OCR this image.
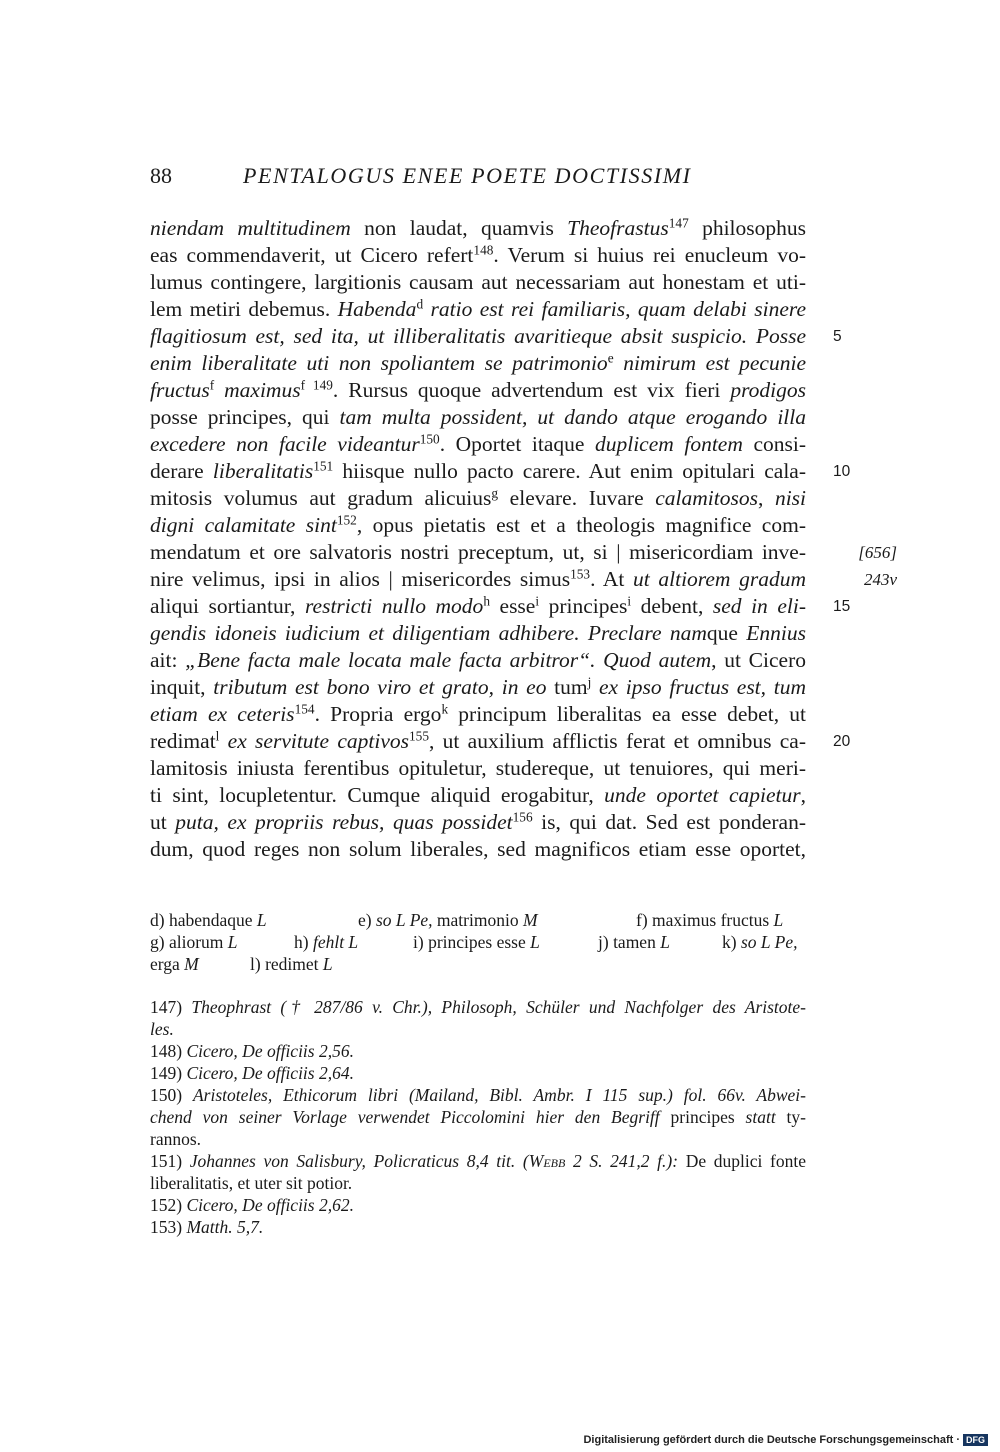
88	PENTALOGUS ENEE POETE DOCTISSIMI
niendam multitudinem non laudat, quamvis Theofrastus$^{147}$ philosophus
eas commendaverit, ut Cicero refert$^{148}$. Verum si huius rei enucleum vo-
lumus contingere, largitionis causam aut necessariam aut honestam et uti-
lem metiri debemus. Habenda$^d$ ratio est rei familiaris, quam delabi sinere
flagitiosum est, sed ita, ut illiberalitatis avaritieque absit suspicio. Posse
enim liberalitate uti non spoliantem se patrimonio$^e$ nimirum est pecunie
fructus$^f$ maximus$^{f 149}$. Rursus quoque advertendum est vix fieri prodigos
posse principes, qui tam multa possident, ut dando atque erogando illa
excedere non facile videantur$^{150}$. Oportet itaque duplicem fontem consi-
derare liberalitatis$^{151}$ hiisque nullo pacto carere. Aut enim opitulari cala-
mitosis volumus aut gradum alicuius$^g$ elevare. Iuvare calamitosos, nisi
digni calamitate sint$^{152}$, opus pietatis est et a theologis magnifice com-
mendatum et ore salvatoris nostri preceptum, ut, si | misericordiam inve-
nire velimus, ipsi in alios | misericordes simus$^{153}$. At ut altiorem gradum
aliqui sortiantur, restricti nullo modo$^h$ esse$^i$ principes$^i$ debent, sed in eli-
gendis idoneis iudicium et diligentiam adhibere. Preclare namque Ennius
ait: „Bene facta male locata male facta arbitror“. Quod autem, ut Cicero
inquit, tributum est bono viro et grato, in eo tum$^j$ ex ipso fructus est, tum
etiam ex ceteris$^{154}$. Propria ergo$^k$ principum liberalitas ea esse debet, ut
redimat$^l$ ex servitute captivos$^{155}$, ut auxilium afflictis ferat et omnibus ca-
lamitosis iniusta ferentibus opituletur, studereque, ut tenuiores, qui meri-
ti sint, locupletentur. Cumque aliquid erogabitur, unde oportet capietur,
ut puta, ex propriis rebus, quas possidet$^{156}$ is, qui dat. Sed est ponderan-
dum, quod reges non solum liberales, sed magnificos etiam esse oportet,
5
10
15
20
[656]
243v
d) habendaque L	e) so L Pe, matrimonio M	f) maximus fructus L
g) aliorum L	h) fehlt L	i) principes esse L	j) tamen L	k) so L Pe,
erga M	l) redimet L
147) Theophrast († 287/86 v. Chr.), Philosoph, Schüler und Nachfolger des Aristote-
les.
148) Cicero, De officiis 2,56.
149) Cicero, De officiis 2,64.
150) Aristoteles, Ethicorum libri (Mailand, Bibl. Ambr. I 115 sup.) fol. 66v. Abwei-
chend von seiner Vorlage verwendet Piccolomini hier den Begriff principes statt ty-
rannos.
151) Johannes von Salisbury, Policraticus 8,4 tit. (Webb 2 S. 241,2 f.): De duplici fonte
liberalitatis, et uter sit potior.
152) Cicero, De officiis 2,62.
153) Matth. 5,7.
Digitalisierung gefördert durch die Deutsche Forschungsgemeinschaft · DFG
